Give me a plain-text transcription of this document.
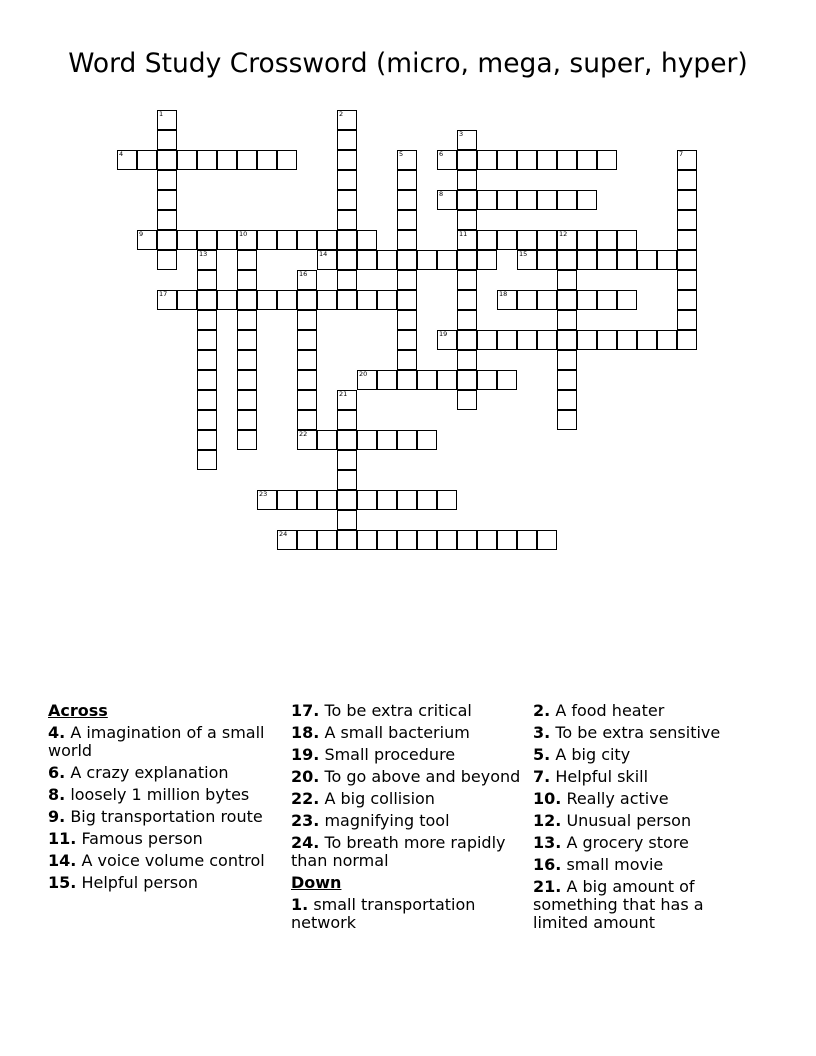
Word Study Crossword (micro, mega, super, hyper)
1	2
3
11
4	5	6	7
8
9	10	12
13	14	15
16
22
17	18
19
20
21
23
24
Across
4. A imagination of a small world
6. A crazy explanation
8. loosely 1 million bytes
9. Big transportation route
11. Famous person
14. A voice volume control
15. Helpful person
17. To be extra critical
18. A small bacterium
19. Small procedure
20. To go above and beyond
22. A big collision
23. magnifying tool
24. To breath more rapidly than normal
Down
1. small transportation network
2. A food heater
3. To be extra sensitive
5. A big city
7. Helpful skill
10. Really active
12. Unusual person
13. A grocery store
16. small movie
21. A big amount of something that has a limited amount
